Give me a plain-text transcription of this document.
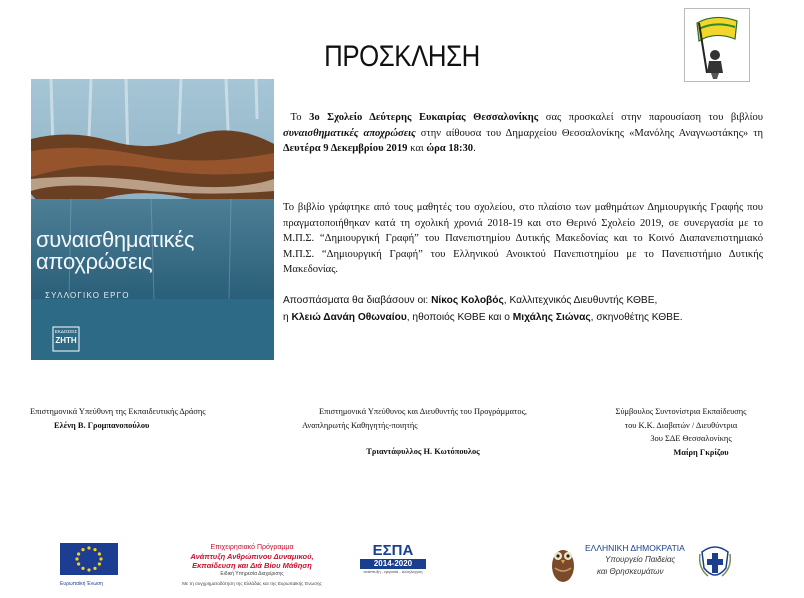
ΠΡΟΣΚΛΗΣΗ
συναισθηματικές
αποχρώσεις
ΣΥΛΛΟΓΙΚΟ ΕΡΓΟ
ΕΚΔΟΣΕΙΣ
ΖΗΤΗ
Το 3ο Σχολείο Δεύτερης Ευκαιρίας Θεσσαλονίκης σας προσκαλεί στην παρουσίαση του βιβλίου συναισθηματικές αποχρώσεις στην αίθουσα του Δημαρχείου Θεσσαλονίκης «Μανόλης Αναγνωστάκης» τη Δευτέρα 9 Δεκεμβρίου 2019 και ώρα 18:30.
Το βιβλίο γράφτηκε από τους μαθητές του σχολείου, στο πλαίσιο των μαθημάτων Δημιουργικής Γραφής που πραγματοποιήθηκαν κατά τη σχολική χρονιά 2018-19 και στο Θερινό Σχολείο 2019, σε συνεργασία με το Μ.Π.Σ. “Δημιουργική Γραφή” του Πανεπιστημίου Δυτικής Μακεδονίας και το Κοινό Διαπανεπιστημιακό Μ.Π.Σ. “Δημιουργική Γραφή” του Ελληνικού Ανοικτού Πανεπιστημίου με το Πανεπιστήμιο Δυτικής Μακεδονίας.
Αποσπάσματα θα διαβάσουν οι: Νίκος Κολοβός, Καλλιτεχνικός Διευθυντής ΚΘΒΕ,
η Κλειώ Δανάη Οθωναίου, ηθοποιός ΚΘΒΕ και ο Μιχάλης Σιώνας, σκηνοθέτης ΚΘΒΕ.
Επιστημονικά Υπεύθυνη της Εκπαιδευτικής Δράσης
Ελένη Β. Γρομπανοπούλου
Επιστημονικά Υπεύθυνος και Διευθυντής του Προγράμματος,
Αναπληρωτής Καθηγητής-ποιητής
Τριαντάφυλλος Η. Κωτόπουλος
Σύμβουλος Συντονίστρια Εκπαίδευσης
του Κ.Κ. Διαβατών / Διευθύντρια
3ου ΣΔΕ Θεσσαλονίκης
Μαίρη Γκρίζου
Ευρωπαϊκή Ένωση
Επιχειρησιακό Πρόγραμμα
Ανάπτυξη Ανθρώπινου Δυναμικού,
Εκπαίδευση και Διά Βίου Μάθηση
Ειδική Υπηρεσία Διαχείρισης
Με τη συγχρηματοδότηση της Ελλάδας και της Ευρωπαϊκής Ένωσης
ΕΣΠΑ
2014-2020
ανάπτυξη - εργασία - αλληλεγγύη
ΕΛΛΗΝΙΚΗ ΔΗΜΟΚΡΑΤΙΑ
Υπουργείο Παιδείας
και Θρησκευμάτων
